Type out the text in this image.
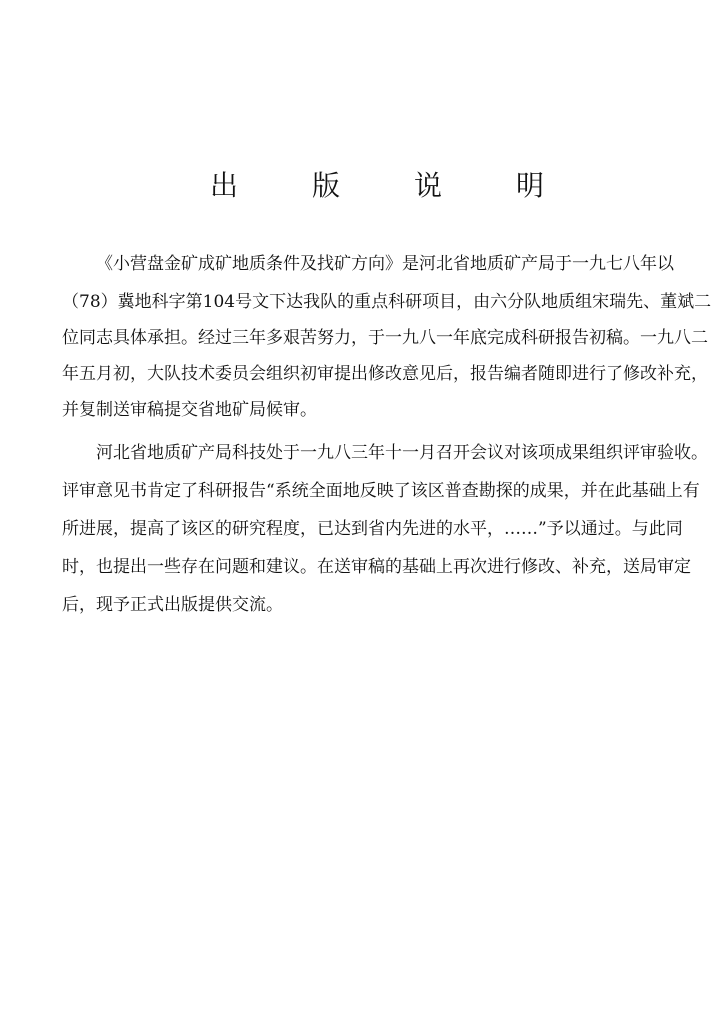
出	版	说	明
《小营盘金矿成矿地质条件及找矿方向》是河北省地质矿产局于一九七八年以
（78）冀地科字第104号文下达我队的重点科研项目，由六分队地质组宋瑞先、董斌二
位同志具体承担。经过三年多艰苦努力，于一九八一年底完成科研报告初稿。一九八二
年五月初，大队技术委员会组织初审提出修改意见后，报告编者随即进行了修改补充，
并复制送审稿提交省地矿局候审。
河北省地质矿产局科技处于一九八三年十一月召开会议对该项成果组织评审验收。
评审意见书肯定了科研报告“系统全面地反映了该区普查勘探的成果，并在此基础上有
所进展，提高了该区的研究程度，已达到省内先进的水平，……”予以通过。与此同
时，也提出一些存在问题和建议。在送审稿的基础上再次进行修改、补充，送局审定
后，现予正式出版提供交流。
